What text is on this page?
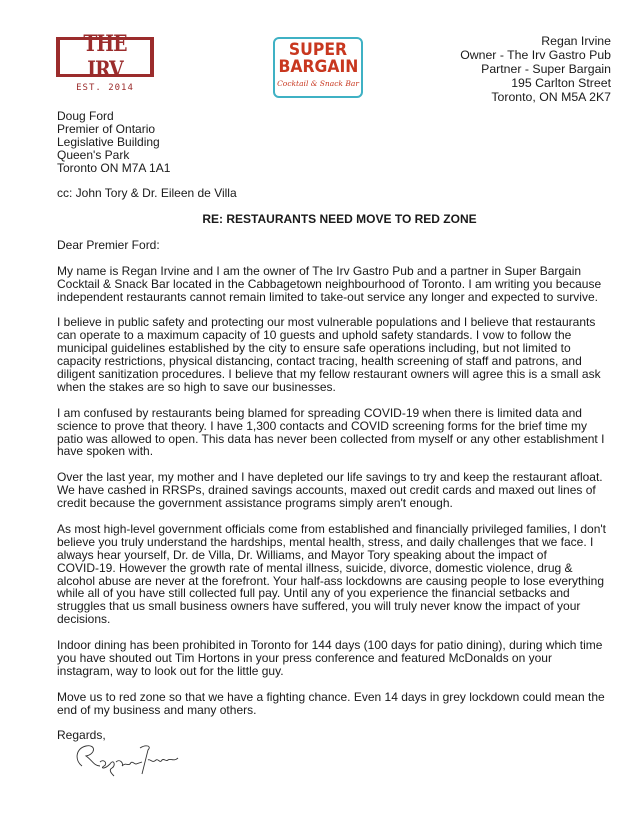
THE IRV
EST. 2014
SUPER
BARGAIN
Cocktail & Snack Bar
Regan Irvine
Owner - The Irv Gastro Pub
Partner - Super Bargain
195 Carlton Street
Toronto, ON M5A 2K7
Doug Ford
Premier of Ontario
Legislative Building
Queen's Park
Toronto ON M7A 1A1
cc: John Tory & Dr. Eileen de Villa
RE: RESTAURANTS NEED MOVE TO RED ZONE
Dear Premier Ford:
My name is Regan Irvine and I am the owner of The Irv Gastro Pub and a partner in Super Bargain
Cocktail & Snack Bar located in the Cabbagetown neighbourhood of Toronto. I am writing you because
independent restaurants cannot remain limited to take-out service any longer and expected to survive.
I believe in public safety and protecting our most vulnerable populations and I believe that restaurants
can operate to a maximum capacity of 10 guests and uphold safety standards. I vow to follow the
municipal guidelines established by the city to ensure safe operations including, but not limited to
capacity restrictions, physical distancing, contact tracing, health screening of staff and patrons, and
diligent sanitization procedures. I believe that my fellow restaurant owners will agree this is a small ask
when the stakes are so high to save our businesses.
I am confused by restaurants being blamed for spreading COVID-19 when there is limited data and
science to prove that theory. I have 1,300 contacts and COVID screening forms for the brief time my
patio was allowed to open. This data has never been collected from myself or any other establishment I
have spoken with.
Over the last year, my mother and I have depleted our life savings to try and keep the restaurant afloat.
We have cashed in RRSPs, drained savings accounts, maxed out credit cards and maxed out lines of
credit because the government assistance programs simply aren't enough.
As most high-level government officials come from established and financially privileged families, I don't
believe you truly understand the hardships, mental health, stress, and daily challenges that we face. I
always hear yourself, Dr. de Villa, Dr. Williams, and Mayor Tory speaking about the impact of
COVID-19. However the growth rate of mental illness, suicide, divorce, domestic violence, drug &
alcohol abuse are never at the forefront. Your half-ass lockdowns are causing people to lose everything
while all of you have still collected full pay. Until any of you experience the financial setbacks and
struggles that us small business owners have suffered, you will truly never know the impact of your
decisions.
Indoor dining has been prohibited in Toronto for 144 days (100 days for patio dining), during which time
you have shouted out Tim Hortons in your press conference and featured McDonalds on your
instagram, way to look out for the little guy.
Move us to red zone so that we have a fighting chance. Even 14 days in grey lockdown could mean the
end of my business and many others.
Regards,
